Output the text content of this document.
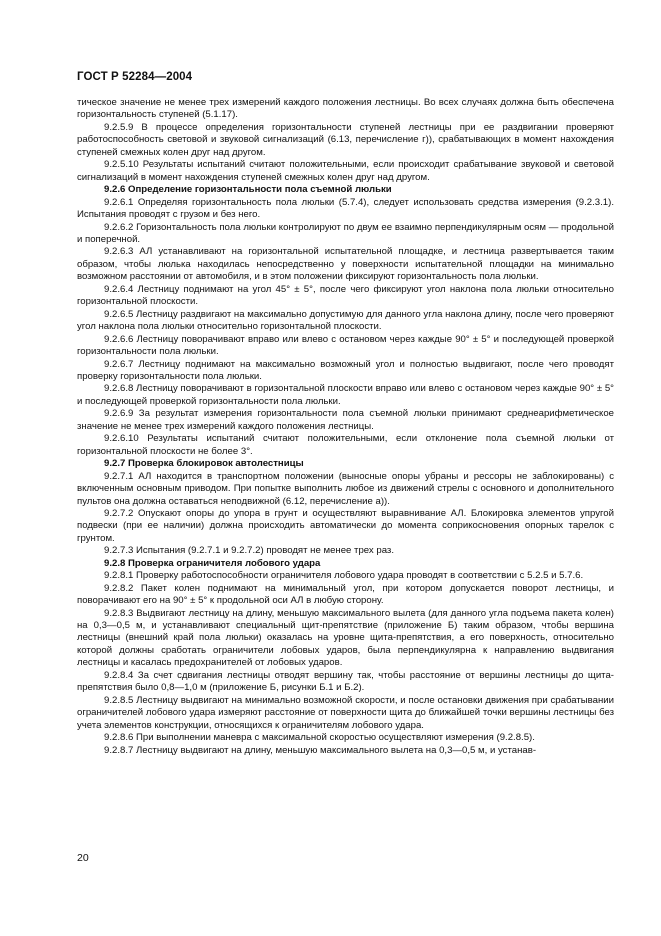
ГОСТ Р 52284—2004

тическое значение не менее трех измерений каждого положения лестницы. Во всех случаях должна быть обеспечена горизонтальность ступеней (5.1.17).

9.2.5.9 В процессе определения горизонтальности ступеней лестницы при ее раздвигании проверяют работоспособность световой и звуковой сигнализаций (6.13, перечисление г)), срабатывающих в момент нахождения ступеней смежных колен друг над другом.

9.2.5.10 Результаты испытаний считают положительными, если происходит срабатывание звуковой и световой сигнализаций в момент нахождения ступеней смежных колен друг над другом.

9.2.6 Определение горизонтальности пола съемной люльки

9.2.6.1 Определяя горизонтальность пола люльки (5.7.4), следует использовать средства измерения (9.2.3.1). Испытания проводят с грузом и без него.

9.2.6.2 Горизонтальность пола люльки контролируют по двум ее взаимно перпендикулярным осям — продольной и поперечной.

9.2.6.3 АЛ устанавливают на горизонтальной испытательной площадке, и лестница развертывается таким образом, чтобы люлька находилась непосредственно у поверхности испытательной площадки на минимально возможном расстоянии от автомобиля, и в этом положении фиксируют горизонтальность пола люльки.

9.2.6.4 Лестницу поднимают на угол 45° ± 5°, после чего фиксируют угол наклона пола люльки относительно горизонтальной плоскости.

9.2.6.5 Лестницу раздвигают на максимально допустимую для данного угла наклона длину, после чего проверяют угол наклона пола люльки относительно горизонтальной плоскости.

9.2.6.6 Лестницу поворачивают вправо или влево с остановом через каждые 90° ± 5° и последующей проверкой горизонтальности пола люльки.

9.2.6.7 Лестницу поднимают на максимально возможный угол и полностью выдвигают, после чего проводят проверку горизонтальности пола люльки.

9.2.6.8 Лестницу поворачивают в горизонтальной плоскости вправо или влево с остановом через каждые 90° ± 5° и последующей проверкой горизонтальности пола люльки.

9.2.6.9 За результат измерения горизонтальности пола съемной люльки принимают среднеарифметическое значение не менее трех измерений каждого положения лестницы.

9.2.6.10 Результаты испытаний считают положительными, если отклонение пола съемной люльки от горизонтальной плоскости не более 3°.

9.2.7 Проверка блокировок автолестницы

9.2.7.1 АЛ находится в транспортном положении (выносные опоры убраны и рессоры не заблокированы) с включенным основным приводом. При попытке выполнить любое из движений стрелы с основного и дополнительного пультов она должна оставаться неподвижной (6.12, перечисление а)).

9.2.7.2 Опускают опоры до упора в грунт и осуществляют выравнивание АЛ. Блокировка элементов упругой подвески (при ее наличии) должна происходить автоматически до момента соприкосновения опорных тарелок с грунтом.

9.2.7.3 Испытания (9.2.7.1 и 9.2.7.2) проводят не менее трех раз.

9.2.8 Проверка ограничителя лобового удара

9.2.8.1 Проверку работоспособности ограничителя лобового удара проводят в соответствии с 5.2.5 и 5.7.6.

9.2.8.2 Пакет колен поднимают на минимальный угол, при котором допускается поворот лестницы, и поворачивают его на 90° ± 5° к продольной оси АЛ в любую сторону.

9.2.8.3 Выдвигают лестницу на длину, меньшую максимального вылета (для данного угла подъема пакета колен) на 0,3—0,5 м, и устанавливают специальный щит-препятствие (приложение Б) таким образом, чтобы вершина лестницы (внешний край пола люльки) оказалась на уровне щита-препятствия, а его поверхность, относительно которой должны сработать ограничители лобовых ударов, была перпендикулярна к направлению выдвигания лестницы и касалась предохранителей от лобовых ударов.

9.2.8.4 За счет сдвигания лестницы отводят вершину так, чтобы расстояние от вершины лестницы до щита-препятствия было 0,8—1,0 м (приложение Б, рисунки Б.1 и Б.2).

9.2.8.5 Лестницу выдвигают на минимально возможной скорости, и после остановки движения при срабатывании ограничителей лобового удара измеряют расстояние от поверхности щита до ближайшей точки вершины лестницы без учета элементов конструкции, относящихся к ограничителям лобового удара.

9.2.8.6 При выполнении маневра с максимальной скоростью осуществляют измерения (9.2.8.5).

9.2.8.7 Лестницу выдвигают на длину, меньшую максимального вылета на 0,3—0,5 м, и устанав-

20
